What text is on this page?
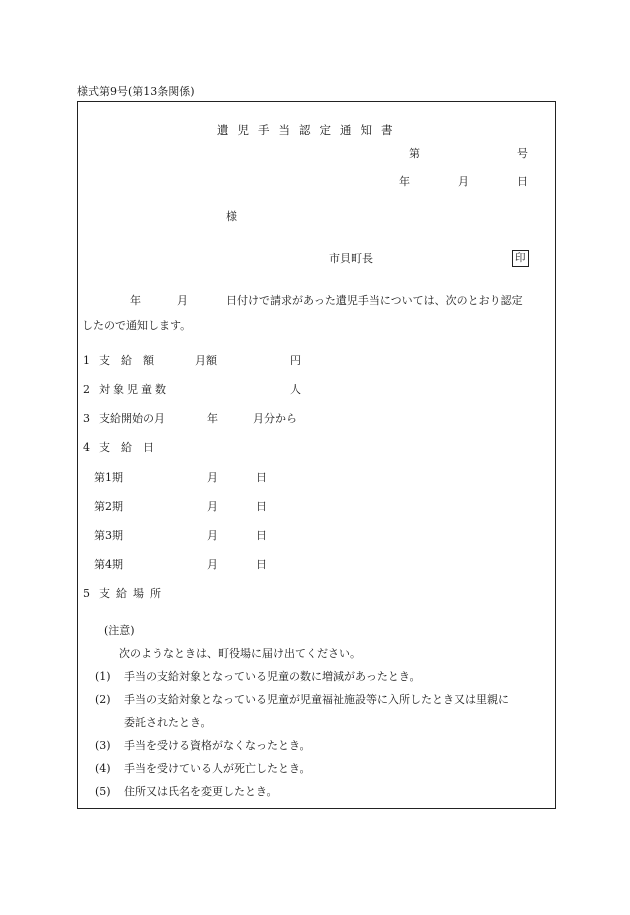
様式第9号(第13条関係)
遺児手当認定通知書
第	号
年	月	日
様
市貝町長	印
年	月	日付けで請求があった遺児手当については、次のとおり認定
したので通知します。
1 支　給　額	月額	円
2 対象児童数	人
3 支給開始の月	年	月分から
4 支　給　日
第1期	月	日
第2期	月	日
第3期	月	日
第4期	月	日
5 支給場所
(注意)
次のようなときは、町役場に届け出てください。
(1) 手当の支給対象となっている児童の数に増減があったとき。
(2) 手当の支給対象となっている児童が児童福祉施設等に入所したとき又は里親に
委託されたとき。
(3) 手当を受ける資格がなくなったとき。
(4) 手当を受けている人が死亡したとき。
(5) 住所又は氏名を変更したとき。
